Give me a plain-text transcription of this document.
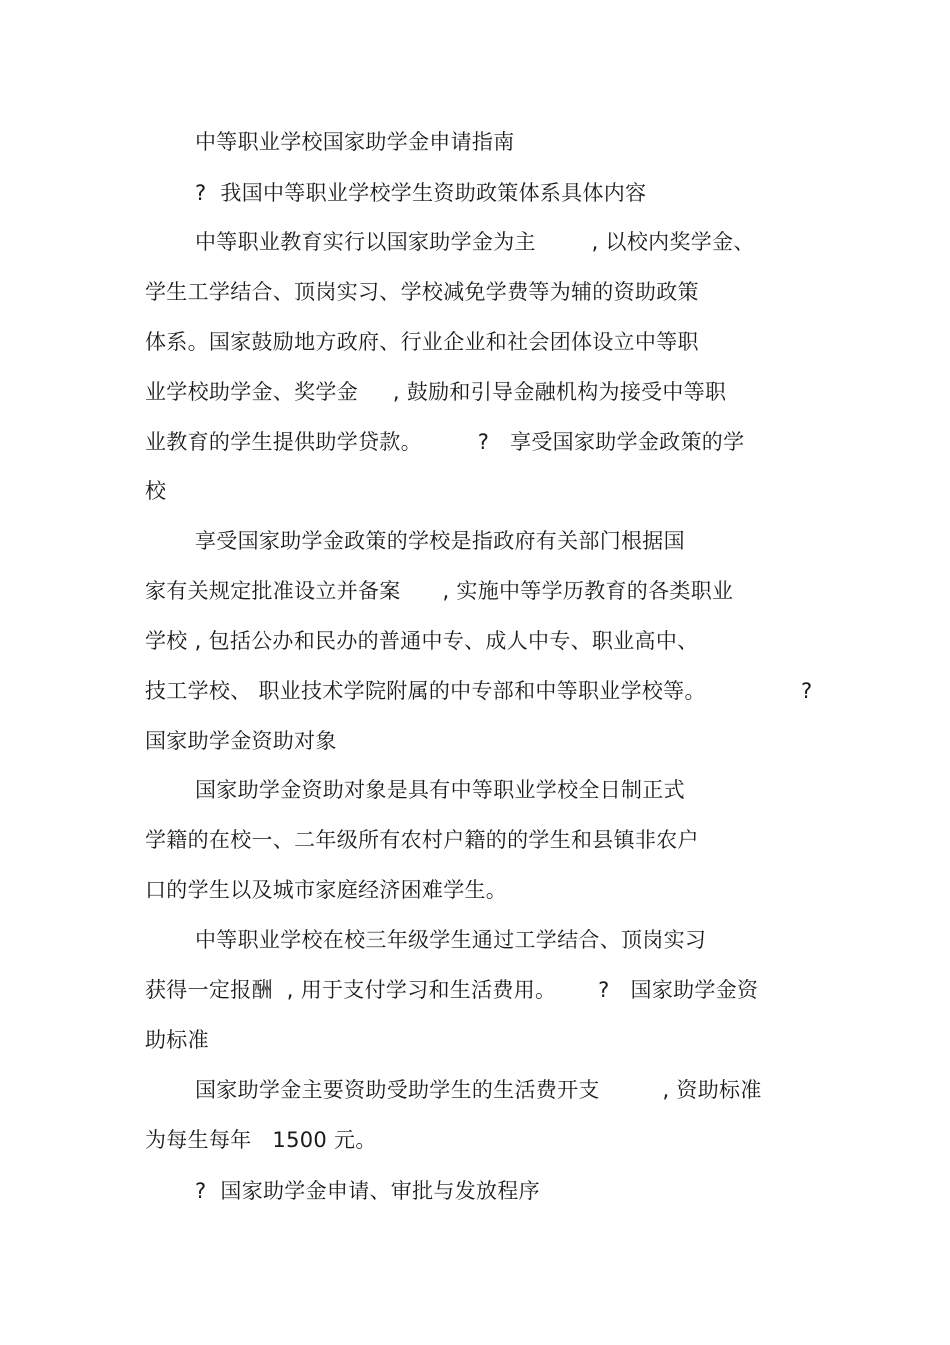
中等职业学校国家助学金申请指南
?  我国中等职业学校学生资助政策体系具体内容
中等职业教育实行以国家助学金为主        , 以校内奖学金、
学生工学结合、顶岗实习、学校减免学费等为辅的资助政策
体系。国家鼓励地方政府、行业企业和社会团体设立中等职
业学校助学金、奖学金     , 鼓励和引导金融机构为接受中等职
业教育的学生提供助学贷款。        ?   享受国家助学金政策的学
校
享受国家助学金政策的学校是指政府有关部门根据国
家有关规定批准设立并备案      , 实施中等学历教育的各类职业
学校 , 包括公办和民办的普通中专、成人中专、职业高中、
技工学校、 职业技术学院附属的中专部和中等职业学校等。	?
国家助学金资助对象
国家助学金资助对象是具有中等职业学校全日制正式
学籍的在校一、二年级所有农村户籍的的学生和县镇非农户
口的学生以及城市家庭经济困难学生。
中等职业学校在校三年级学生通过工学结合、顶岗实习
获得一定报酬  , 用于支付学习和生活费用。      ?   国家助学金资
助标准
国家助学金主要资助受助学生的生活费开支         , 资助标准
为每生每年   1500 元。
?  国家助学金申请、审批与发放程序
